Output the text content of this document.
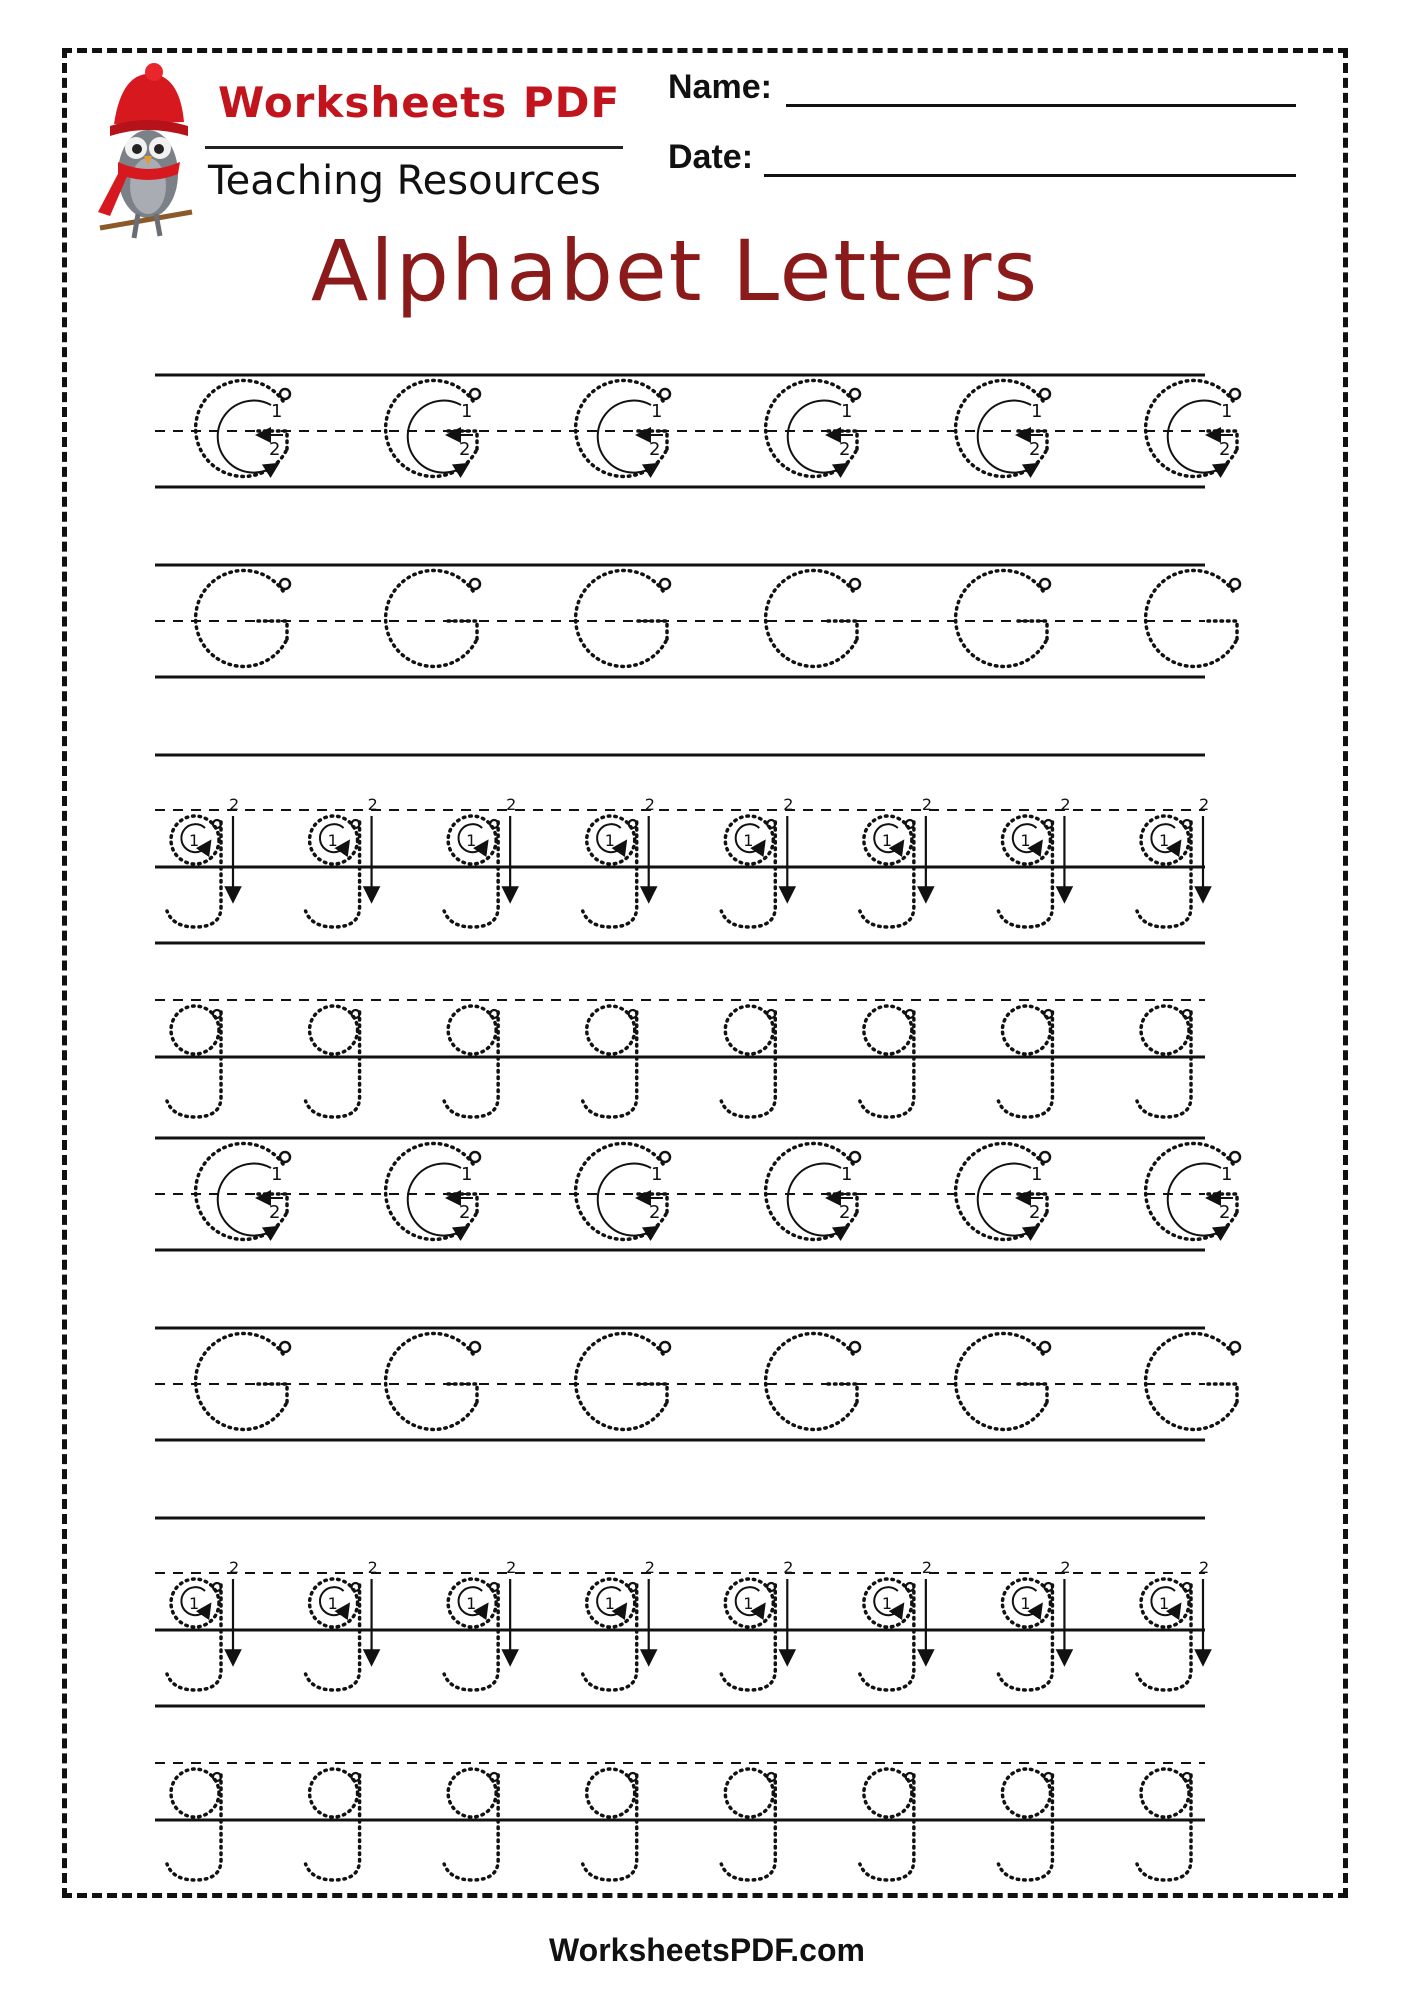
Worksheets PDF
Teaching Resources
Name:
Date:
Alphabet Letters
1
2
1
2
1
2
1
2
1
2
1
2
1
2
1
2
1
2
1
2
1
2
1
2
1
2
1
2
1
2
1
2
1
2
1
2
1
2
1
2
1
2
1
2
1
2
1
2
1
2
1
2
1
2
1
2
WorksheetsPDF.com
